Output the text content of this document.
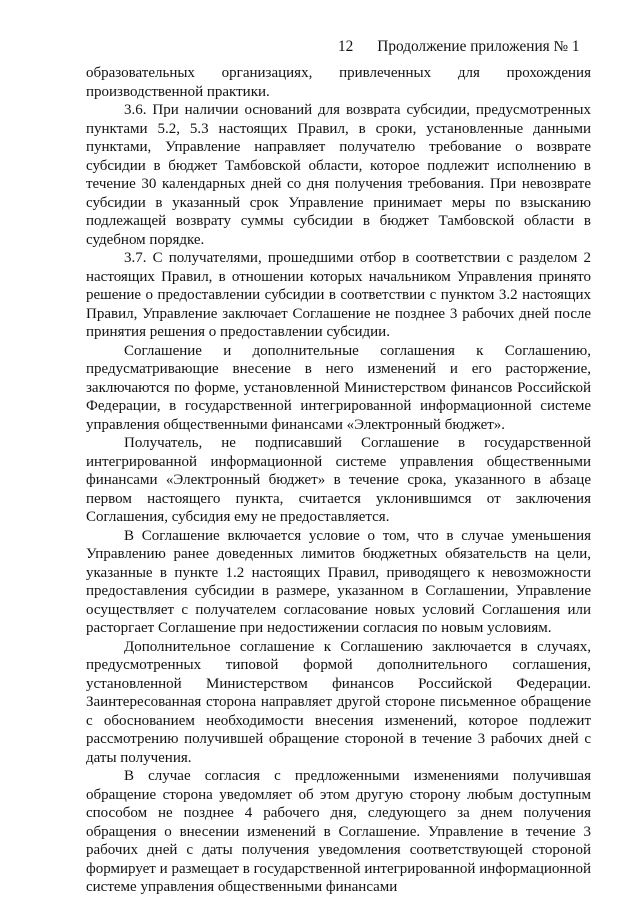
12 Продолжение приложения № 1

образовательных организациях, привлеченных для прохождения производственной практики.

3.6. При наличии оснований для возврата субсидии, предусмотренных пунктами 5.2, 5.3 настоящих Правил, в сроки, установленные данными пунктами, Управление направляет получателю требование о возврате субсидии в бюджет Тамбовской области, которое подлежит исполнению в течение 30 календарных дней со дня получения требования. При невозврате субсидии в указанный срок Управление принимает меры по взысканию подлежащей возврату суммы субсидии в бюджет Тамбовской области в судебном порядке.

3.7. С получателями, прошедшими отбор в соответствии с разделом 2 настоящих Правил, в отношении которых начальником Управления принято решение о предоставлении субсидии в соответствии с пунктом 3.2 настоящих Правил, Управление заключает Соглашение не позднее 3 рабочих дней после принятия решения о предоставлении субсидии.

Соглашение и дополнительные соглашения к Соглашению, предусматривающие внесение в него изменений и его расторжение, заключаются по форме, установленной Министерством финансов Российской Федерации, в государственной интегрированной информационной системе управления общественными финансами «Электронный бюджет».

Получатель, не подписавший Соглашение в государственной интегрированной информационной системе управления общественными финансами «Электронный бюджет» в течение срока, указанного в абзаце первом настоящего пункта, считается уклонившимся от заключения Соглашения, субсидия ему не предоставляется.

В Соглашение включается условие о том, что в случае уменьшения Управлению ранее доведенных лимитов бюджетных обязательств на цели, указанные в пункте 1.2 настоящих Правил, приводящего к невозможности предоставления субсидии в размере, указанном в Соглашении, Управление осуществляет с получателем согласование новых условий Соглашения или расторгает Соглашение при недостижении согласия по новым условиям.

Дополнительное соглашение к Соглашению заключается в случаях, предусмотренных типовой формой дополнительного соглашения, установленной Министерством финансов Российской Федерации. Заинтересованная сторона направляет другой стороне письменное обращение с обоснованием необходимости внесения изменений, которое подлежит рассмотрению получившей обращение стороной в течение 3 рабочих дней с даты получения.

В случае согласия с предложенными изменениями получившая обращение сторона уведомляет об этом другую сторону любым доступным способом не позднее 4 рабочего дня, следующего за днем получения обращения о внесении изменений в Соглашение. Управление в течение 3 рабочих дней с даты получения уведомления соответствующей стороной формирует и размещает в государственной интегрированной информационной системе управления общественными финансами
